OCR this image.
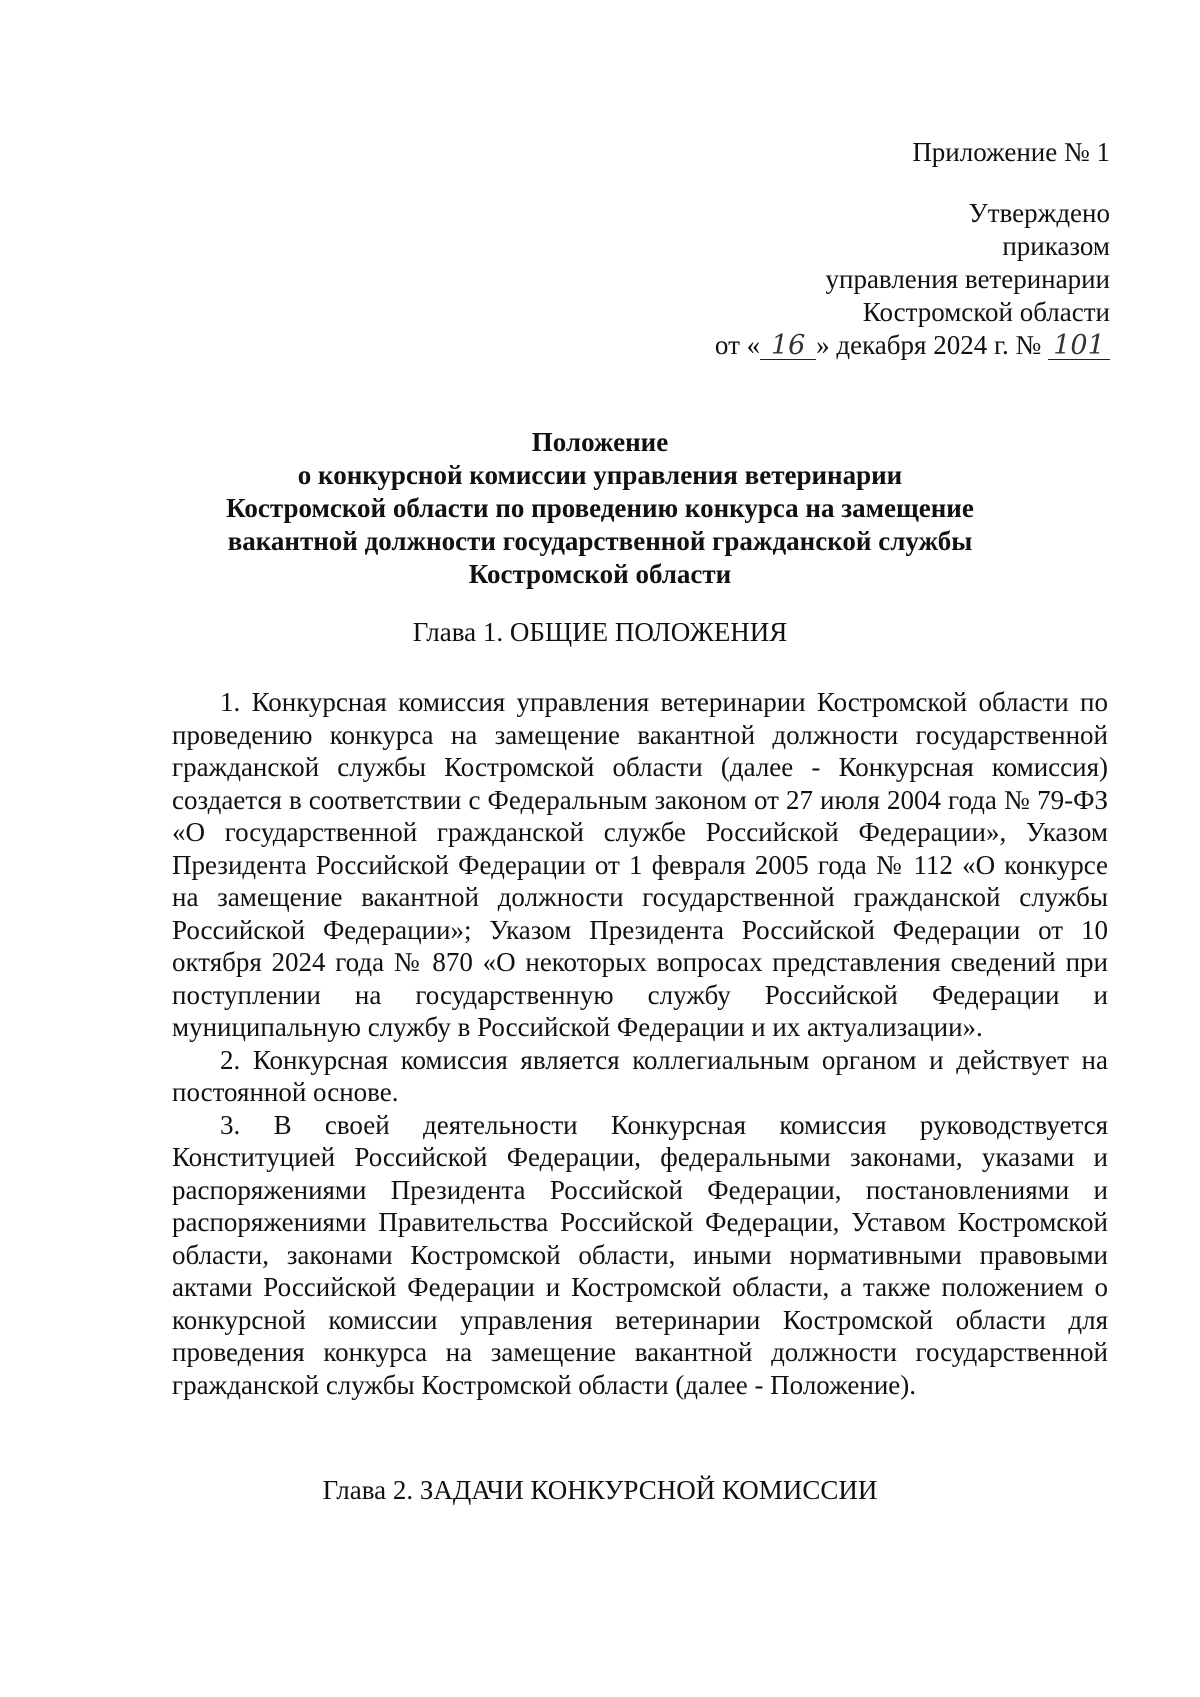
Приложение № 1
Утверждено
приказом
управления ветеринарии
Костромской области
от « 16 » декабря 2024 г. № 101
Положение
о конкурсной комиссии управления ветеринарии
Костромской области по проведению конкурса на замещение
вакантной должности государственной гражданской службы
Костромской области
Глава 1. ОБЩИЕ ПОЛОЖЕНИЯ

1. Конкурсная комиссия управления ветеринарии Костромской области по проведению конкурса на замещение вакантной должности государственной гражданской службы Костромской области (далее - Конкурсная комиссия) создается в соответствии с Федеральным законом от 27 июля 2004 года № 79-ФЗ «О государственной гражданской службе Российской Федерации», Указом Президента Российской Федерации от 1 февраля 2005 года № 112 «О конкурсе на замещение вакантной должности государственной гражданской службы Российской Федерации»; Указом Президента Российской Федерации от 10 октября 2024 года № 870 «О некоторых вопросах представления сведений при поступлении на государственную службу Российской Федерации и муниципальную службу в Российской Федерации и их актуализации».

2. Конкурсная комиссия является коллегиальным органом и действует на постоянной основе.

3. В своей деятельности Конкурсная комиссия руководствуется Конституцией Российской Федерации, федеральными законами, указами и распоряжениями Президента Российской Федерации, постановлениями и распоряжениями Правительства Российской Федерации, Уставом Костромской области, законами Костромской области, иными нормативными правовыми актами Российской Федерации и Костромской области, а также положением о конкурсной комиссии управления ветеринарии Костромской области для проведения конкурса на замещение вакантной должности государственной гражданской службы Костромской области (далее - Положение).

Глава 2. ЗАДАЧИ КОНКУРСНОЙ КОМИССИИ
